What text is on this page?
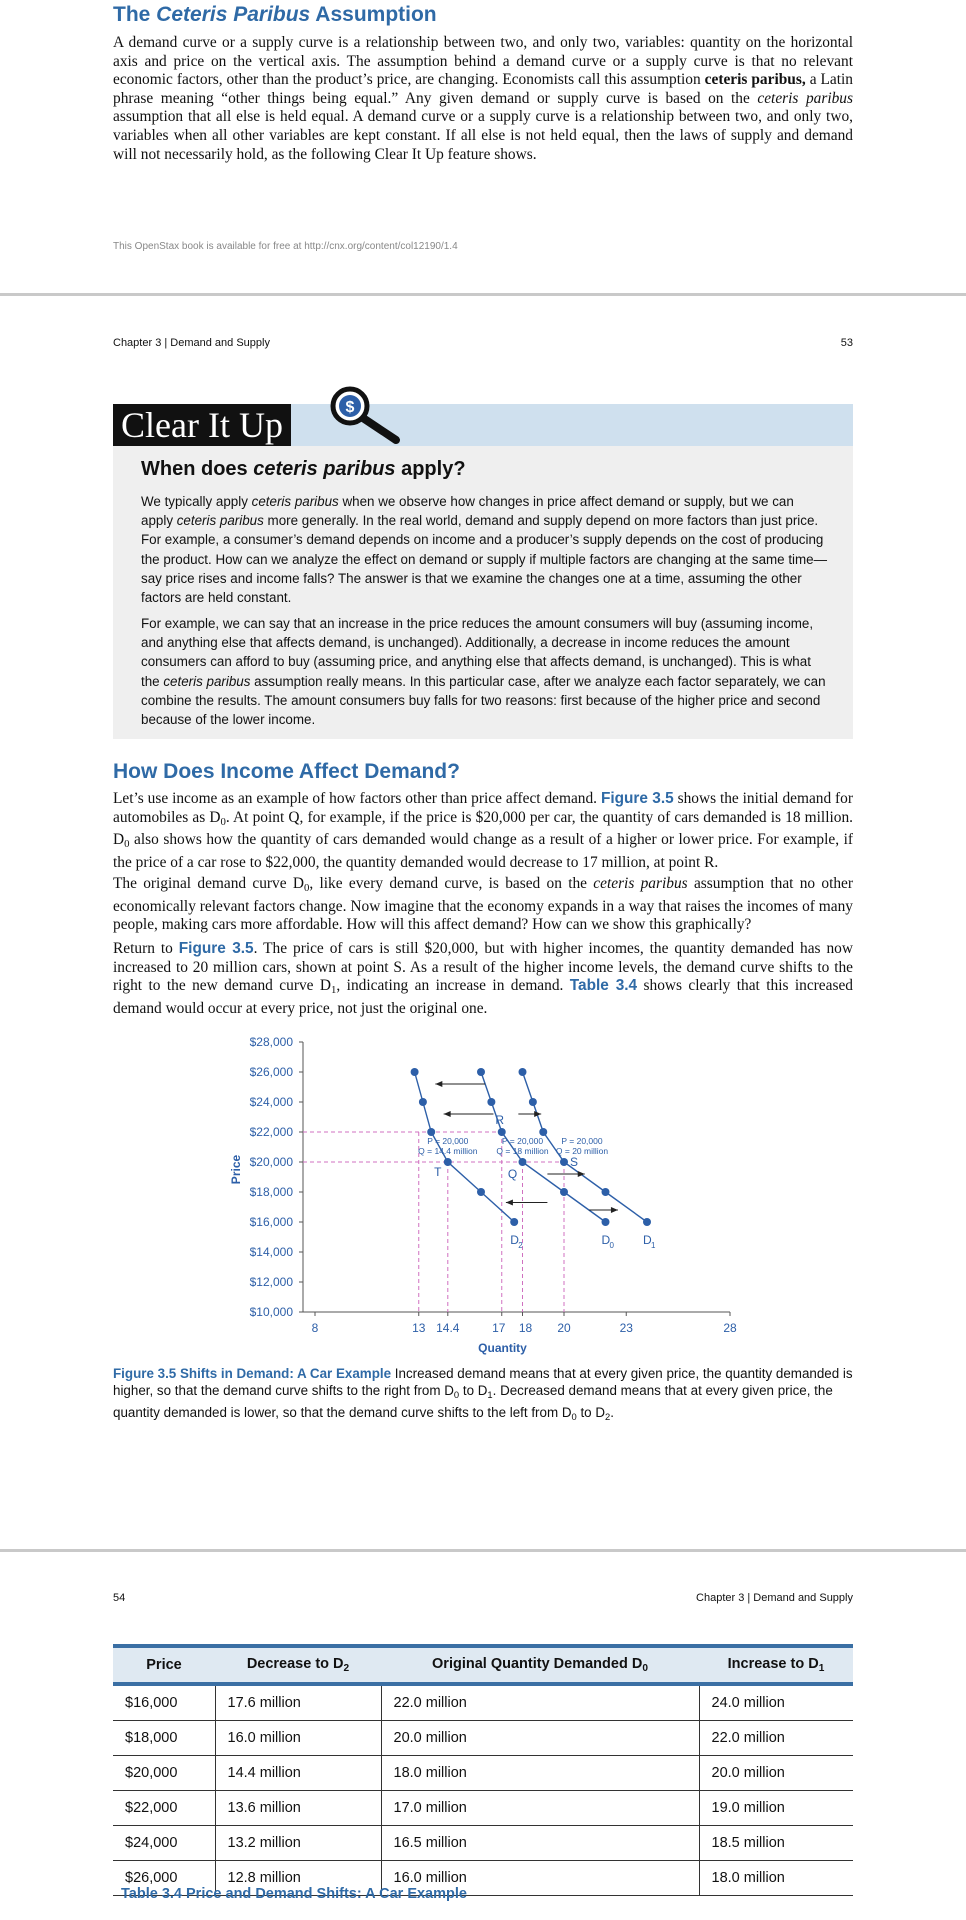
The Ceteris Paribus Assumption

A demand curve or a supply curve is a relationship between two, and only two, variables: quantity on the horizontal axis and price on the vertical axis. The assumption behind a demand curve or a supply curve is that no relevant economic factors, other than the product’s price, are changing. Economists call this assumption ceteris paribus, a Latin phrase meaning “other things being equal.” Any given demand or supply curve is based on the ceteris paribus assumption that all else is held equal. A demand curve or a supply curve is a relationship between two, and only two, variables when all other variables are kept constant. If all else is not held equal, then the laws of supply and demand will not necessarily hold, as the following Clear It Up feature shows.

This OpenStax book is available for free at http://cnx.org/content/col12190/1.4
Chapter 3 | Demand and Supply	53
Clear It Up	$
When does ceteris paribus apply?

We typically apply ceteris paribus when we observe how changes in price affect demand or supply, but we can apply ceteris paribus more generally. In the real world, demand and supply depend on more factors than just price. For example, a consumer’s demand depends on income and a producer’s supply depends on the cost of producing the product. How can we analyze the effect on demand or supply if multiple factors are changing at the same time—say price rises and income falls? The answer is that we examine the changes one at a time, assuming the other factors are held constant.

For example, we can say that an increase in the price reduces the amount consumers will buy (assuming income, and anything else that affects demand, is unchanged). Additionally, a decrease in income reduces the amount consumers can afford to buy (assuming price, and anything else that affects demand, is unchanged). This is what the ceteris paribus assumption really means. In this particular case, after we analyze each factor separately, we can combine the results. The amount consumers buy falls for two reasons: first because of the higher price and second because of the lower income.

How Does Income Affect Demand?

Let’s use income as an example of how factors other than price affect demand. Figure 3.5 shows the initial demand for automobiles as $D_0$. At point Q, for example, if the price is $20,000 per car, the quantity of cars demanded is 18 million. $D_0$ also shows how the quantity of cars demanded would change as a result of a higher or lower price. For example, if the price of a car rose to $22,000, the quantity demanded would decrease to 17 million, at point R.

The original demand curve $D_0$, like every demand curve, is based on the ceteris paribus assumption that no other economically relevant factors change. Now imagine that the economy expands in a way that raises the incomes of many people, making cars more affordable. How will this affect demand? How can we show this graphically?

Return to Figure 3.5. The price of cars is still $20,000, but with higher incomes, the quantity demanded has now increased to 20 million cars, shown at point S. As a result of the higher income levels, the demand curve shifts to the right to the new demand curve $D_1$, indicating an increase in demand. Table 3.4 shows clearly that this increased demand would occur at every price, not just the original one.

$28,000
$26,000
$24,000
$22,000
$20,000
$18,000
$16,000
$14,000
$12,000
$10,000
8	13 14.4	17 18 20	23	28
Quantity
Price
D 2	D 0 D 1
T	Q
S
R
P = 20,000
Q = 14.4 million
P = 20,000
Q = 18 million
P = 20,000
Q = 20 million
Figure 3.5 Shifts in Demand: A Car Example Increased demand means that at every given price, the quantity demanded is higher, so that the demand curve shifts to the right from $D_0$ to $D_1$. Decreased demand means that at every given price, the quantity demanded is lower, so that the demand curve shifts to the left from $D_0$ to $D_2$.
54	Chapter 3 | Demand and Supply
Price	Decrease to $D_2$	Original Quantity Demanded $D_0$	Increase to $D_1$
$16,000	17.6 million	22.0 million	24.0 million
$18,000	16.0 million	20.0 million	22.0 million
$20,000	14.4 million	18.0 million	20.0 million
$22,000	13.6 million	17.0 million	19.0 million
$24,000	13.2 million	16.5 million	18.5 million
$26,000	12.8 million	16.0 million	18.0 million
Table 3.4 Price and Demand Shifts: A Car Example
